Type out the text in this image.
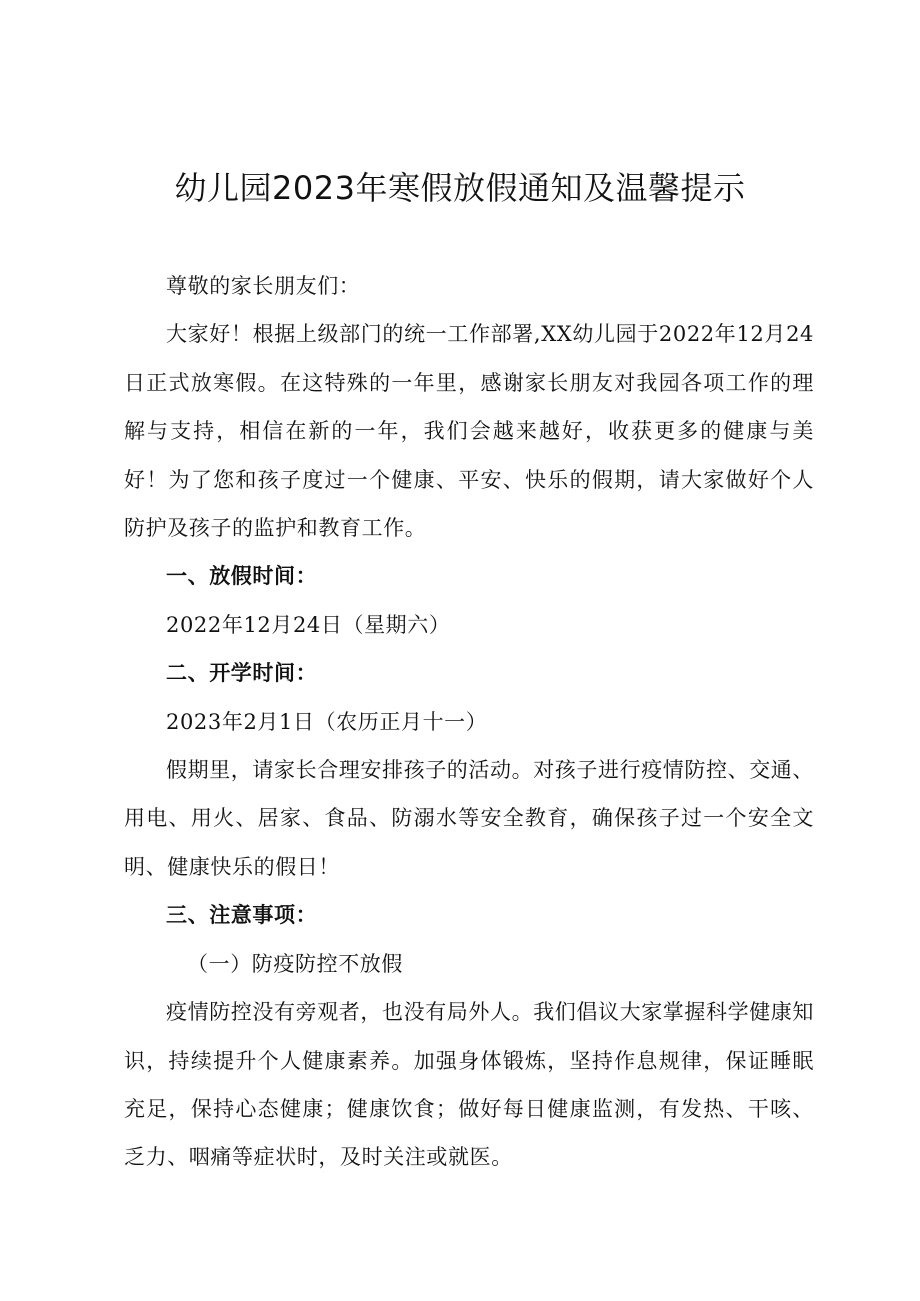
幼儿园2023年寒假放假通知及温馨提示

尊敬的家长朋友们：

大家好！根据上级部门的统一工作部署,XX幼儿园于2022年12月24日正式放寒假。在这特殊的一年里，感谢家长朋友对我园各项工作的理解与支持，相信在新的一年，我们会越来越好，收获更多的健康与美好！为了您和孩子度过一个健康、平安、快乐的假期，请大家做好个人防护及孩子的监护和教育工作。

一、放假时间：

2022年12月24日（星期六）

二、开学时间：

2023年2月1日（农历正月十一）

假期里，请家长合理安排孩子的活动。对孩子进行疫情防控、交通、用电、用火、居家、食品、防溺水等安全教育，确保孩子过一个安全文明、健康快乐的假日！

三、注意事项：

（一）防疫防控不放假

疫情防控没有旁观者，也没有局外人。我们倡议大家掌握科学健康知识，持续提升个人健康素养。加强身体锻炼，坚持作息规律，保证睡眠充足，保持心态健康；健康饮食；做好每日健康监测，有发热、干咳、乏力、咽痛等症状时，及时关注或就医。
